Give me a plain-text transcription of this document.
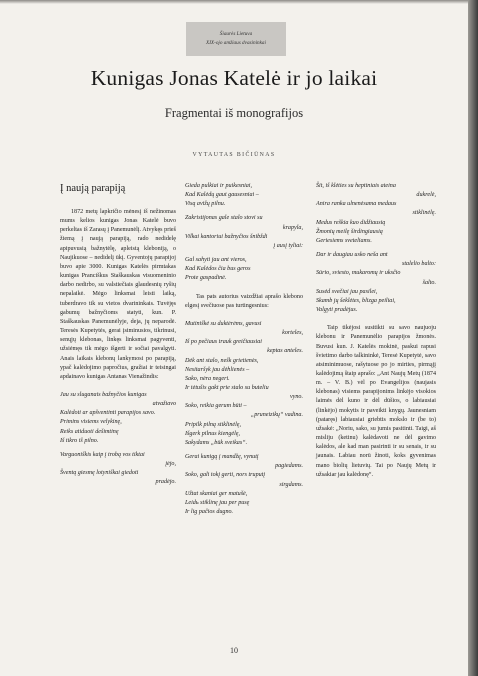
Šiaurės Lietuva
XIX-ojo amžiaus dvasininkai
Kunigas Jonas Katelė ir jo laikai
Fragmentai iš monografijos
VYTAUTAS BIČIŪNAS
Į naują parapiją

1872 metų lapkričio mėnesį iš nežinomas mums kelios kunigas Jonas Katelė buvo perkeltas iš Zarasų į Panemunėlį. Atvykęs prieš žiemą į naują parapiją, rado nedidelę apipuvusią bažnytėlę, apleistą kleboniją, o Naujikuose – nedidelį ūkį. Gyventojų parapijoj buvo apie 3000. Kunigas Katelės pirmtakas kunigas Pranciškus Staškauskas visuomeninio darbo nedirbo, su valstiečiais glaudesnių ryšių nepalaikė. Mėgo linksmai leisti laiką, tuberdravo tik su vietos dvarininkais. Tuvėjęs gabumų bažnyčioms statyti, kun. P. Staškauskas Panemunėlyje, deja, jų neparodė. Teresės Kupetytės, gerai įsiminusios, tikrinusi, senųjų klebonas, linkęs linksmai pagyventi, užsiėmęs tik mėgo išgerti ir sočiai pavalgyti. Anais laikais klebonų lankymosi po parapiją, ypač kalėdojimo papročius, gražiai ir teisingai apdainavo kunigas Antanas Vienažindis:

Jau su sluganais bažnyčios kunigas
atvažiavo
Kalėdoti ar apšventinti parapijos savo.
Primins visiems velykinę,
Reiks atiduoti dešimtinę
Iš tikro iš pilno.
Varguoniškis kaip į trobą vos tiktai
įėjo,
Šventą giesmę lotyniškai giedoti
pradėjo.
Gieda pulkiai ir puikesniai,
Kad Kalėdų gaut gausesniai –
Visą avižų pilnu.
Zakristijonas gale stalo stovi su
krapyla,
Vilkai kantoriui bažnyčios šnibždi
į ausį tyliai:
Gal sahyti jau ant vieros,
Kad Kalėdos čia bus geros
Prote gaspadinė.

Tas pats autorius vaizdžiai aprašo klebono elgesį svečiuose pas turtingesnius:

Mutiniškė su duktėrėms, gavusi
korteles,
Iš po pečiaus trauk greičiausiai
keptas anteles.
Dėk ant stalo, nešk grietienės,
Nesitaršyk jau dėhlienės –
Sako, nėra negerі.
Ir tėtušis gakt prie stalo su butelіu
vyno.
Soko, reikia gerum būti –
„pruneizikų“ vadina.
Pripilk pilną stiklinėlę,
Išgerk pilnus kiengėlę,
Sakydams „būk sveikas“.
Gerai kunigą į mandžę, vynutį
pagiedams.
Soko, gali tokį gerti, nors truputį
sirgdams.
Užtat skaniai ger matušė,
Leidь stiklinę jau per pusę
Ir lig pačios dugno.
Šit, iš klėties su heptiniais ateina
dukrelė,
Anira ranka ulnenėsama medaus
stiklinėlę.
Medus reškia kuo didžiausią
Žmonių meilę širdingiausią
Geriesiems svetelіams.
Dar ir daugiau usko neša ant
stalelio baltо:
Sūrio, sviesto, mukaromų ir uksčio
šalto.
Susėd svečiai jau pasilei,
Skamb jų šeklėtes, blizga peiliai,
Valgytі pradėjus.

Taip tikėjosi susitikti su savo naujuoju klebonu ir Panemunėlio parapijos žmonės. Buvusi kun. J. Katelės mokinė, paskui rapusi švietimo darbo talkininkė, Teresė Kupetytė, savo atsiminimuose, rašytuose po jo mirties, pirmąjį kalėdojimą štaip aprašo: „Ant Naujų Metų (1874 m. – V. B.) vėl po Evangelijos (naujasis klebonas) visiems parapijonims linkėjo visokios laimės dėl kuno ir dėl dūšios, o labiausiai (linkėjo) mokytis ir paveikti knygų. Jaunesniam (pataręs) labiausiai griebtis mokslo ir (be to) užsakė: „Noriu, sako, su jumis pasitinti. Taigi, aš misliju (ketinu) kalėdavoti ne dėl gavimo kalėdos, ale kad man pasirinti ir su senais, ir su jaunais. Labiau norū žinoti, koks gyvenimas mano biolių lietuvių. Tai po Naujų Metų ir užsakiar jau kalėdonę“.

10
